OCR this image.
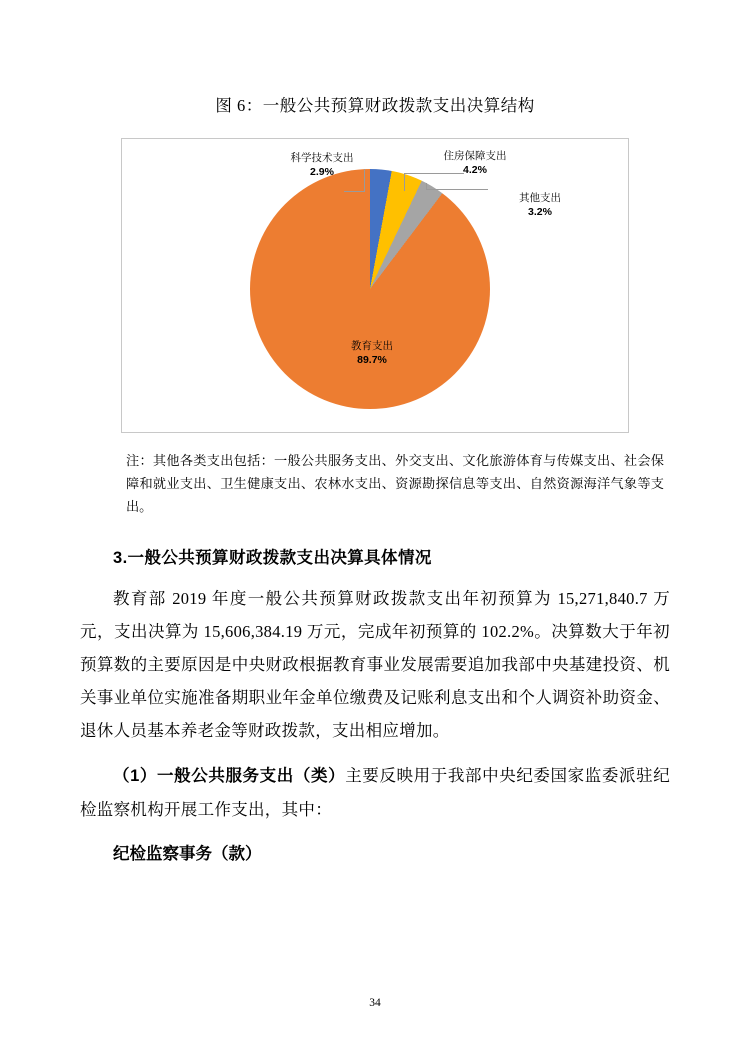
图 6：一般公共预算财政拨款支出决算结构
科学技术支出
2.9%
住房保障支出
4.2%
其他支出
3.2%
教育支出
89.7%
注：其他各类支出包括：一般公共服务支出、外交支出、文化旅游体育与传媒支出、社会保障和就业支出、卫生健康支出、农林水支出、资源勘探信息等支出、自然资源海洋气象等支出。
3.一般公共预算财政拨款支出决算具体情况

教育部 2019 年度一般公共预算财政拨款支出年初预算为 15,271,840.7 万元，支出决算为 15,606,384.19 万元，完成年初预算的 102.2%。决算数大于年初预算数的主要原因是中央财政根据教育事业发展需要追加我部中央基建投资、机关事业单位实施准备期职业年金单位缴费及记账利息支出和个人调资补助资金、退休人员基本养老金等财政拨款，支出相应增加。

（1）一般公共服务支出（类）主要反映用于我部中央纪委国家监委派驻纪检监察机构开展工作支出，其中：

纪检监察事务（款）
34
